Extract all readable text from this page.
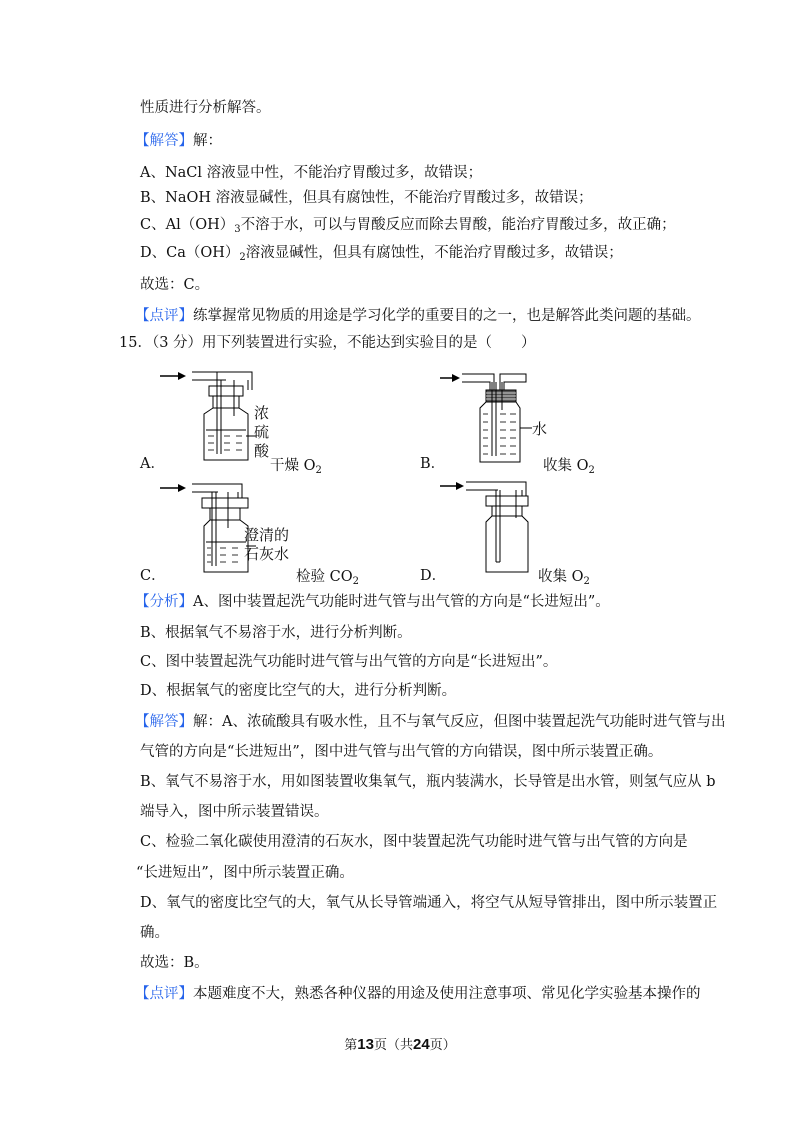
性质进行分析解答。
【解答】解：
A、NaCl 溶液显中性，不能治疗胃酸过多，故错误；
B、NaOH 溶液显碱性，但具有腐蚀性，不能治疗胃酸过多，故错误；
C、$Al(OH)_3$不溶于水，可以与胃酸反应而除去胃酸，能治疗胃酸过多，故正确；
D、$Ca(OH)_2$溶液显碱性，但具有腐蚀性，不能治疗胃酸过多，故错误；
故选：C。
【点评】练掌握常见物质的用途是学习化学的重要目的之一，也是解答此类问题的基础。
15．（3 分）用下列装置进行实验，不能达到实验目的是（　　）
浓
硫
酸
A．	干燥 $O_2$
水
B．	收集 $O_2$
澄清的
石灰水
C．	检验 $CO_2$	D．	收集 $O_2$
【分析】A、图中装置起洗气功能时进气管与出气管的方向是“长进短出”。
B、根据氧气不易溶于水，进行分析判断。
C、图中装置起洗气功能时进气管与出气管的方向是“长进短出”。
D、根据氧气的密度比空气的大，进行分析判断。
【解答】解：A、浓硫酸具有吸水性，且不与氧气反应，但图中装置起洗气功能时进气管与出
气管的方向是“长进短出”，图中进气管与出气管的方向错误，图中所示装置正确。
B、氧气不易溶于水，用如图装置收集氧气，瓶内装满水，长导管是出水管，则氢气应从 b
端导入，图中所示装置错误。
C、检验二氧化碳使用澄清的石灰水，图中装置起洗气功能时进气管与出气管的方向是
“长进短出”，图中所示装置正确。
D、氧气的密度比空气的大，氧气从长导管端通入，将空气从短导管排出，图中所示装置正
确。
故选：B。
【点评】本题难度不大，熟悉各种仪器的用途及使用注意事项、常见化学实验基本操作的
第13页（共24页）
